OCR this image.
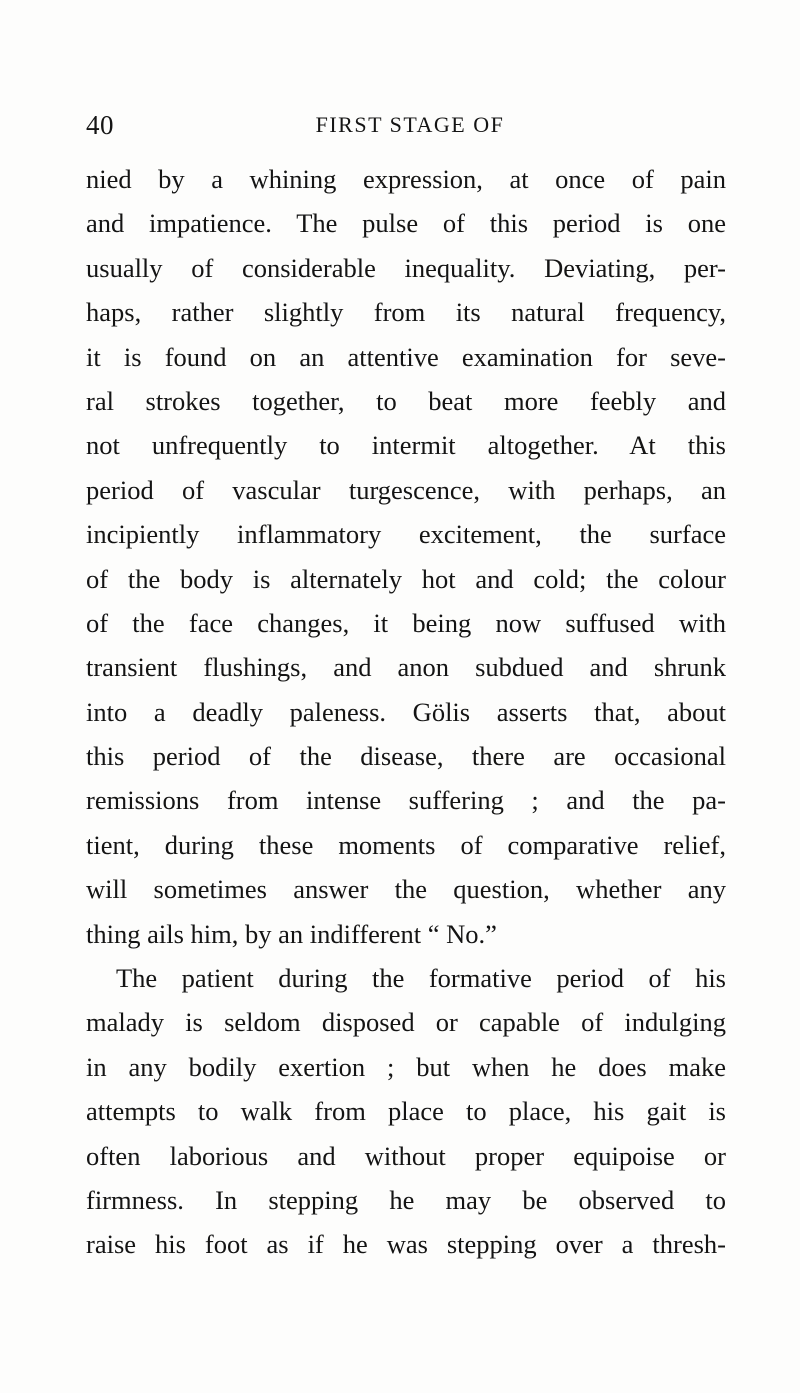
40	FIRST STAGE OF
nied by a whining expression, at once of pain
and impatience. The pulse of this period is one
usually of considerable inequality. Deviating, per-
haps, rather slightly from its natural frequency,
it is found on an attentive examination for seve-
ral strokes together, to beat more feebly and
not unfrequently to intermit altogether. At this
period of vascular turgescence, with perhaps, an
incipiently inflammatory excitement, the surface
of the body is alternately hot and cold; the colour
of the face changes, it being now suffused with
transient flushings, and anon subdued and shrunk
into a deadly paleness. Gölis asserts that, about
this period of the disease, there are occasional
remissions from intense suffering ; and the pa-
tient, during these moments of comparative relief,
will sometimes answer the question, whether any
thing ails him, by an indifferent “ No.”
The patient during the formative period of his
malady is seldom disposed or capable of indulging
in any bodily exertion ; but when he does make
attempts to walk from place to place, his gait is
often laborious and without proper equipoise or
firmness. In stepping he may be observed to
raise his foot as if he was stepping over a thresh-
